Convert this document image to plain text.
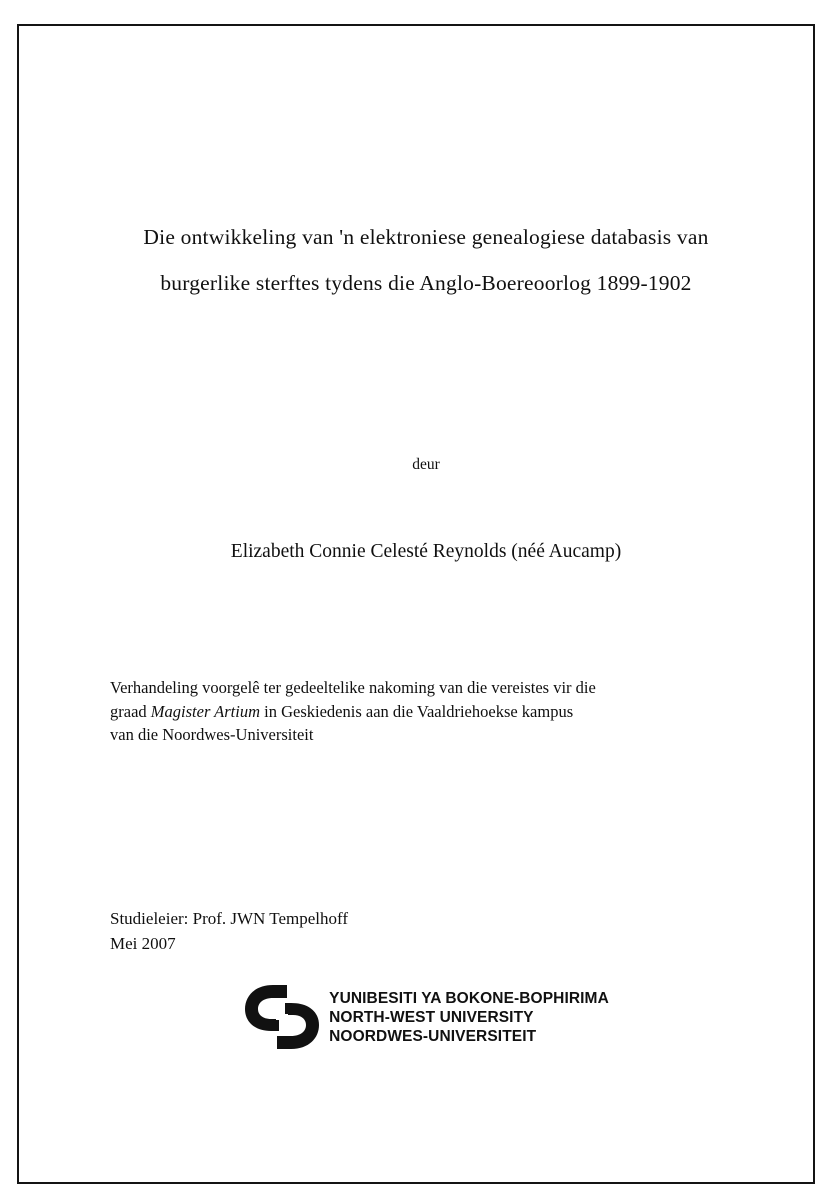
Die ontwikkeling van 'n elektroniese genealogiese databasis van
burgerlike sterftes tydens die Anglo-Boereoorlog 1899-1902
deur
Elizabeth Connie Celesté Reynolds (néé Aucamp)

Verhandeling voorgelê ter gedeeltelike nakoming van die vereistes vir die

graad Magister Artium in Geskiedenis aan die Vaaldriehoekse kampus

van die Noordwes-Universiteit

Studieleier: Prof. JWN Tempelhoff

Mei 2007

YUNIBESITI YA BOKONE-BOPHIRIMA
NORTH-WEST UNIVERSITY
NOORDWES-UNIVERSITEIT
